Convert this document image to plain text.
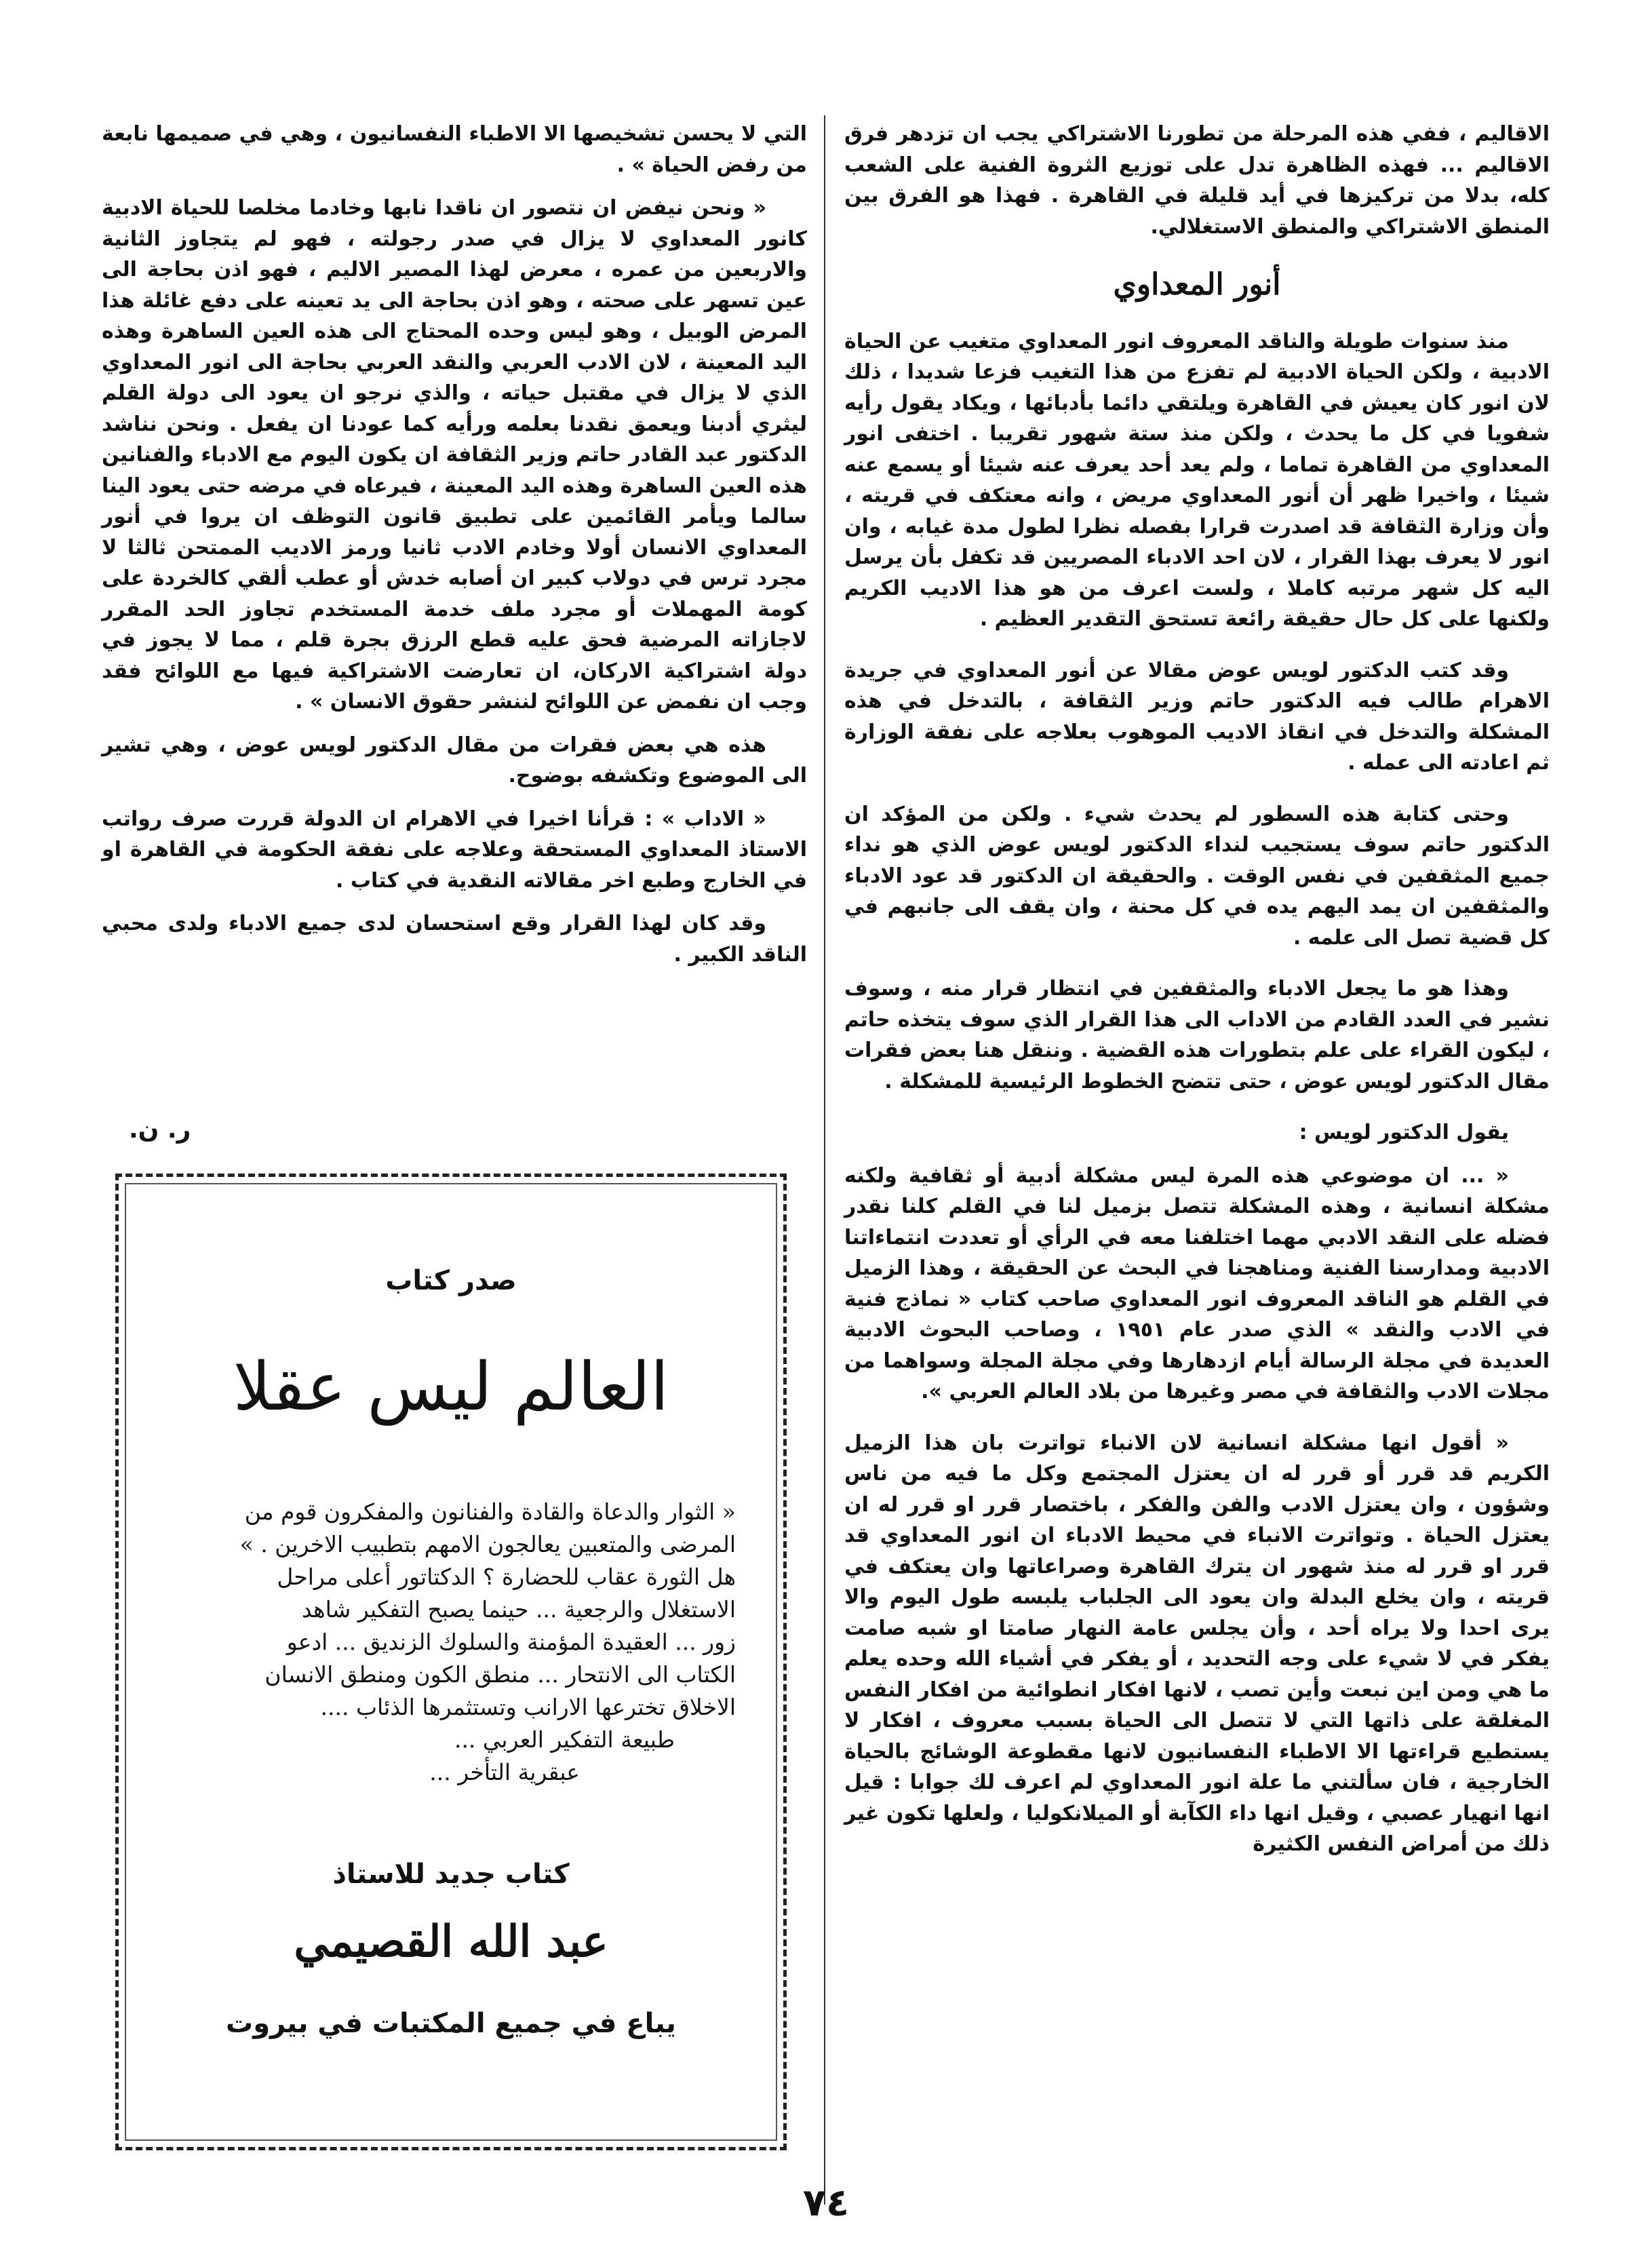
الاقاليم ، ففي هذه المرحلة من تطورنا الاشتراكي يجب ان تزدهر فرق الاقاليم ... فهذه الظاهرة تدل على توزيع الثروة الفنية على الشعب كله، بدلا من تركيزها في أيد قليلة في القاهرة . فهذا هو الفرق بين المنطق الاشتراكي والمنطق الاستغلالي.

أنور المعداوي

منذ سنوات طويلة والناقد المعروف انور المعداوي متغيب عن الحياة الادبية ، ولكن الحياة الادبية لم تفزع من هذا التغيب فزعا شديدا ، ذلك لان انور كان يعيش في القاهرة ويلتقي دائما بأدبائها ، ويكاد يقول رأيه شفويا في كل ما يحدث ، ولكن منذ ستة شهور تقريبا . اختفى انور المعداوي من القاهرة تماما ، ولم يعد أحد يعرف عنه شيئا أو يسمع عنه شيئا ، واخيرا ظهر أن أنور المعداوي مريض ، وانه معتكف في قريته ، وأن وزارة الثقافة قد اصدرت قرارا بفصله نظرا لطول مدة غيابه ، وان انور لا يعرف بهذا القرار ، لان احد الادباء المصريين قد تكفل بأن يرسل اليه كل شهر مرتبه كاملا ، ولست اعرف من هو هذا الاديب الكريم ولكنها على كل حال حقيقة رائعة تستحق التقدير العظيم .

وقد كتب الدكتور لويس عوض مقالا عن أنور المعداوي في جريدة الاهرام طالب فيه الدكتور حاتم وزير الثقافة ، بالتدخل في هذه المشكلة والتدخل في انقاذ الاديب الموهوب بعلاجه على نفقة الوزارة ثم اعادته الى عمله .

وحتى كتابة هذه السطور لم يحدث شيء . ولكن من المؤكد ان الدكتور حاتم سوف يستجيب لنداء الدكتور لويس عوض الذي هو نداء جميع المثقفين في نفس الوقت . والحقيقة ان الدكتور قد عود الادباء والمثقفين ان يمد اليهم يده في كل محنة ، وان يقف الى جانبهم في كل قضية تصل الى علمه .

وهذا هو ما يجعل الادباء والمثقفين في انتظار قرار منه ، وسوف نشير في العدد القادم من الاداب الى هذا القرار الذي سوف يتخذه حاتم ، ليكون القراء على علم بتطورات هذه القضية . وننقل هنا بعض فقرات مقال الدكتور لويس عوض ، حتى تتضح الخطوط الرئيسية للمشكلة .

يقول الدكتور لويس :

« ... ان موضوعي هذه المرة ليس مشكلة أدبية أو ثقافية ولكنه مشكلة انسانية ، وهذه المشكلة تتصل بزميل لنا في القلم كلنا نقدر فضله على النقد الادبي مهما اختلفنا معه في الرأي أو تعددت انتماءاتنا الادبية ومدارسنا الفنية ومناهجنا في البحث عن الحقيقة ، وهذا الزميل في القلم هو الناقد المعروف انور المعداوي صاحب كتاب « نماذج فنية في الادب والنقد » الذي صدر عام ١٩٥١ ، وصاحب البحوث الادبية العديدة في مجلة الرسالة أيام ازدهارها وفي مجلة المجلة وسواهما من مجلات الادب والثقافة في مصر وغيرها من بلاد العالم العربي ».

« أقول انها مشكلة انسانية لان الانباء تواترت بان هذا الزميل الكريم قد قرر أو قرر له ان يعتزل المجتمع وكل ما فيه من ناس وشؤون ، وان يعتزل الادب والفن والفكر ، باختصار قرر او قرر له ان يعتزل الحياة . وتواترت الانباء في محيط الادباء ان انور المعداوي قد قرر او قرر له منذ شهور ان يترك القاهرة وصراعاتها وان يعتكف في قريته ، وان يخلع البدلة وان يعود الى الجلباب يلبسه طول اليوم والا يرى احدا ولا يراه أحد ، وأن يجلس عامة النهار صامتا او شبه صامت يفكر في لا شيء على وجه التحديد ، أو يفكر في أشياء الله وحده يعلم ما هي ومن اين نبعت وأين تصب ، لانها افكار انطوائية من افكار النفس المغلقة على ذاتها التي لا تتصل الى الحياة بسبب معروف ، افكار لا يستطيع قراءتها الا الاطباء النفسانيون لانها مقطوعة الوشائج بالحياة الخارجية ، فان سألتني ما علة انور المعداوي لم اعرف لك جوابا : قيل انها انهيار عصبي ، وقيل انها داء الكآبة أو الميلانكوليا ، ولعلها تكون غير ذلك من أمراض النفس الكثيرة

التي لا يحسن تشخيصها الا الاطباء النفسانيون ، وهي في صميمها نابعة من رفض الحياة » .

« ونحن نيفض ان نتصور ان ناقدا نابها وخادما مخلصا للحياة الادبية كانور المعداوي لا يزال في صدر رجولته ، فهو لم يتجاوز الثانية والاربعين من عمره ، معرض لهذا المصير الاليم ، فهو اذن بحاجة الى عين تسهر على صحته ، وهو اذن بحاجة الى يد تعينه على دفع غائلة هذا المرض الوبيل ، وهو ليس وحده المحتاج الى هذه العين الساهرة وهذه اليد المعينة ، لان الادب العربي والنقد العربي بحاجة الى انور المعداوي الذي لا يزال في مقتبل حياته ، والذي نرجو ان يعود الى دولة القلم ليثري أدبنا ويعمق نقدنا بعلمه ورأيه كما عودنا ان يفعل . ونحن نناشد الدكتور عبد القادر حاتم وزير الثقافة ان يكون اليوم مع الادباء والفنانين هذه العين الساهرة وهذه اليد المعينة ، فيرعاه في مرضه حتى يعود الينا سالما ويأمر القائمين على تطبيق قانون التوظف ان يروا في أنور المعداوي الانسان أولا وخادم الادب ثانيا ورمز الاديب الممتحن ثالثا لا مجرد ترس في دولاب كبير ان أصابه خدش أو عطب ألقي كالخردة على كومة المهملات أو مجرد ملف خدمة المستخدم تجاوز الحد المقرر لاجازاته المرضية فحق عليه قطع الرزق بجرة قلم ، مما لا يجوز في دولة اشتراكية الاركان، ان تعارضت الاشتراكية فيها مع اللوائح فقد وجب ان نفمض عن اللوائح لننشر حقوق الانسان » .

هذه هي بعض فقرات من مقال الدكتور لويس عوض ، وهي تشير الى الموضوع وتكشفه بوضوح.

« الاداب » : قرأنا اخيرا في الاهرام ان الدولة قررت صرف رواتب الاستاذ المعداوي المستحقة وعلاجه على نفقة الحكومة في القاهرة او في الخارج وطبع اخر مقالاته النقدية في كتاب .

وقد كان لهذا القرار وقع استحسان لدى جميع الادباء ولدى محبي الناقد الكبير .

ر. ن.
صدر كتاب
العالم ليس عقلا
« الثوار والدعاة والقادة والفنانون والمفكرون قوم من
المرضى والمتعبين يعالجون الامهم بتطبيب الاخرين . »
هل الثورة عقاب للحضارة ؟ الدكتاتور أعلى مراحل
الاستغلال والرجعية ... حينما يصبح التفكير شاهد
زور ... العقيدة المؤمنة والسلوك الزنديق ... ادعو
الكتاب الى الانتحار ... منطق الكون ومنطق الانسان
الاخلاق تخترعها الارانب وتستثمرها الذئاب ....
طبيعة التفكير العربي ...
عبقرية التأخر ...
كتاب جديد للاستاذ
عبد الله القصيمي
يباع في جميع المكتبات في بيروت
٧٤
